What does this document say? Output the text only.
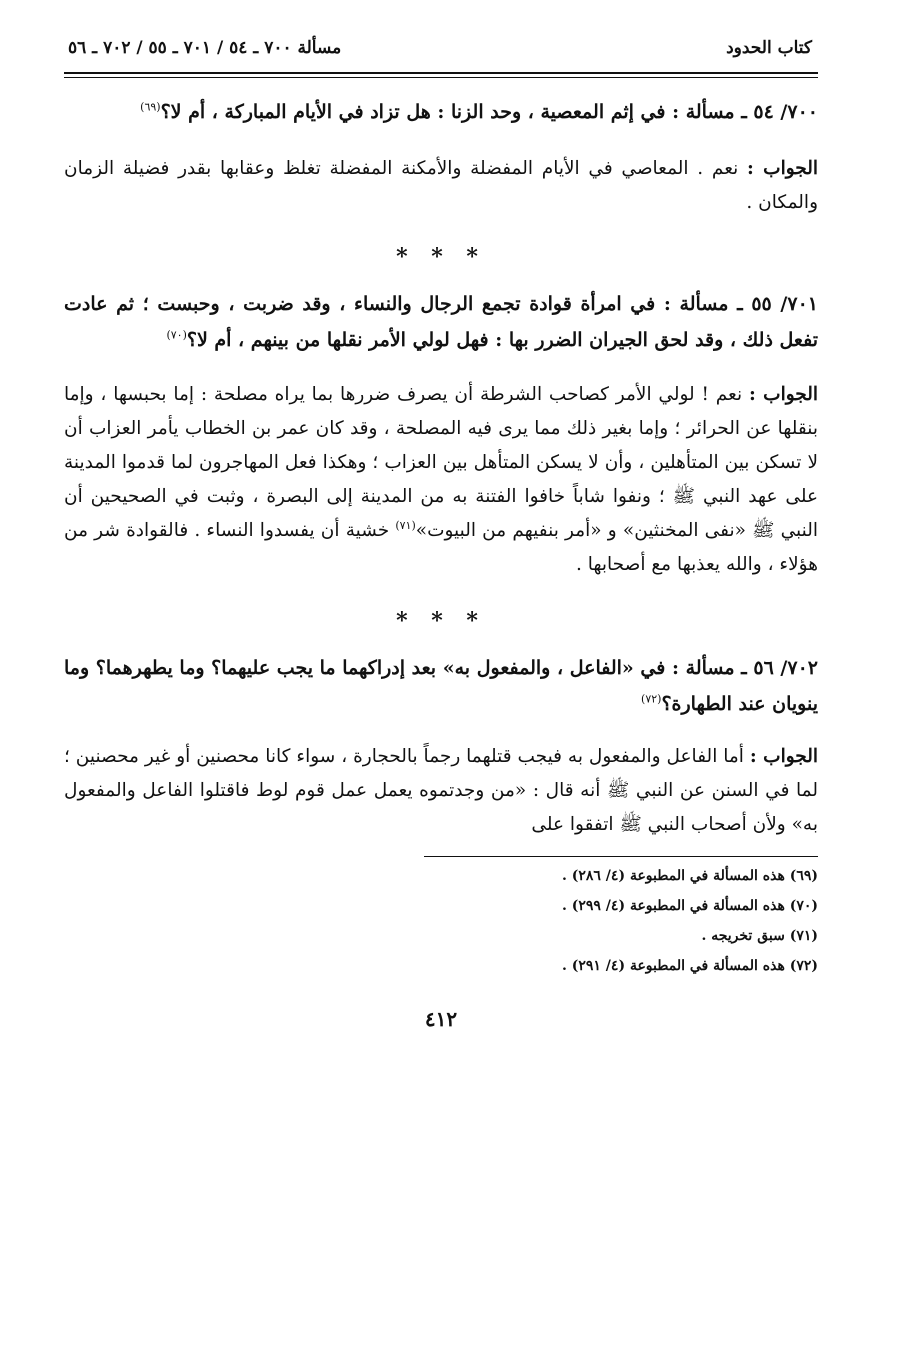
كتاب الحدود
مسألة ٧٠٠ ـ ٥٤ / ٧٠١ ـ ٥٥ / ٧٠٢ ـ ٥٦

٧٠٠/ ٥٤ ـ مسألة : في إثم المعصية ، وحد الزنا : هل تزاد في الأيام المباركة ، أم لا؟$^{(٦٩)}$

الجواب : نعم . المعاصي في الأيام المفضلة والأمكنة المفضلة تغلظ وعقابها بقدر فضيلة الزمان والمكان .

* * *

٧٠١/ ٥٥ ـ مسألة : في امرأة قوادة تجمع الرجال والنساء ، وقد ضربت ، وحبست ؛ ثم عادت تفعل ذلك ، وقد لحق الجيران الضرر بها : فهل لولي الأمر نقلها من بينهم ، أم لا؟$^{(٧٠)}$

الجواب : نعم ! لولي الأمر كصاحب الشرطة أن يصرف ضررها بما يراه مصلحة : إما بحبسها ، وإما بنقلها عن الحرائر ؛ وإما بغير ذلك مما يرى فيه المصلحة ، وقد كان عمر بن الخطاب يأمر العزاب أن لا تسكن بين المتأهلين ، وأن لا يسكن المتأهل بين العزاب ؛ وهكذا فعل المهاجرون لما قدموا المدينة على عهد النبي ﷺ ؛ ونفوا شاباً خافوا الفتنة به من المدينة إلى البصرة ، وثبت في الصحيحين أن النبي ﷺ «نفى المخنثين» و «أمر بنفيهم من البيوت»$^{(٧١)}$ خشية أن يفسدوا النساء . فالقوادة شر من هؤلاء ، والله يعذبها مع أصحابها .

* * *

٧٠٢/ ٥٦ ـ مسألة : في «الفاعل ، والمفعول به» بعد إدراكهما ما يجب عليهما؟ وما يطهرهما؟ وما ينويان عند الطهارة؟$^{(٧٢)}$

الجواب : أما الفاعل والمفعول به فيجب قتلهما رجماً بالحجارة ، سواء كانا محصنين أو غير محصنين ؛ لما في السنن عن النبي ﷺ أنه قال : «من وجدتموه يعمل عمل قوم لوط فاقتلوا الفاعل والمفعول به» ولأن أصحاب النبي ﷺ اتفقوا على

(٦٩) هذه المسألة في المطبوعة (٤/ ٢٨٦) .

(٧٠) هذه المسألة في المطبوعة (٤/ ٢٩٩) .

(٧١) سبق تخريجه .

(٧٢) هذه المسألة في المطبوعة (٤/ ٢٩١) .

٤١٢
